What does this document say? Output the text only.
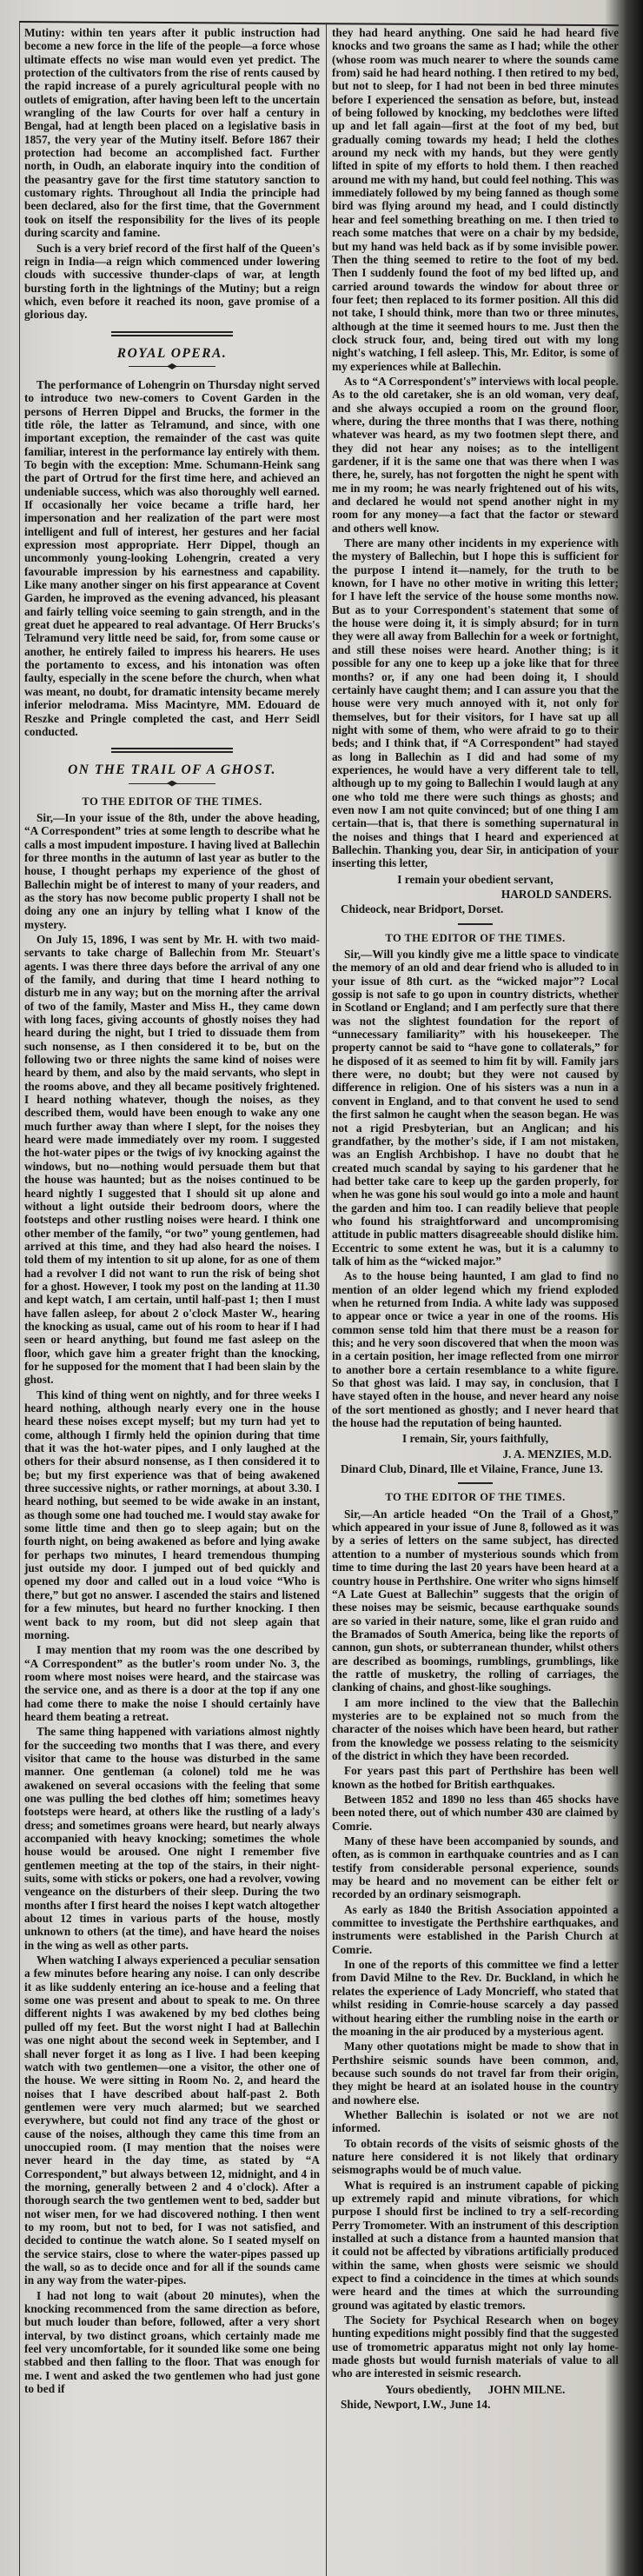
Mutiny: within ten years after it public instruction had become a new force in the life of the people—a force whose ultimate effects no wise man would even yet predict. The protection of the cultivators from the rise of rents caused by the rapid increase of a purely agricultural people with no outlets of emigration, after having been left to the uncertain wrangling of the law Courts for over half a century in Bengal, had at length been placed on a legislative basis in 1857, the very year of the Mutiny itself. Before 1867 their protection had become an accomplished fact. Further north, in Oudh, an elaborate inquiry into the condition of the peasantry gave for the first time statutory sanction to customary rights. Throughout all India the principle had been declared, also for the first time, that the Government took on itself the responsibility for the lives of its people during scarcity and famine.

Such is a very brief record of the first half of the Queen's reign in India—a reign which commenced under lowering clouds with successive thunder-claps of war, at length bursting forth in the lightnings of the Mutiny; but a reign which, even before it reached its noon, gave promise of a glorious day.

ROYAL OPERA.

The performance of Lohengrin on Thursday night served to introduce two new-comers to Covent Garden in the persons of Herren Dippel and Brucks, the former in the title rôle, the latter as Telramund, and since, with one important exception, the remainder of the cast was quite familiar, interest in the performance lay entirely with them. To begin with the exception: Mme. Schumann-Heink sang the part of Ortrud for the first time here, and achieved an undeniable success, which was also thoroughly well earned. If occasionally her voice became a trifle hard, her impersonation and her realization of the part were most intelligent and full of interest, her gestures and her facial expression most appropriate. Herr Dippel, though an uncommonly young-looking Lohengrin, created a very favourable impression by his earnestness and capability. Like many another singer on his first appearance at Covent Garden, he improved as the evening advanced, his pleasant and fairly telling voice seeming to gain strength, and in the great duet he appeared to real advantage. Of Herr Brucks's Telramund very little need be said, for, from some cause or another, he entirely failed to impress his hearers. He uses the portamento to excess, and his intonation was often faulty, especially in the scene before the church, when what was meant, no doubt, for dramatic intensity became merely inferior melodrama. Miss Macintyre, MM. Edouard de Reszke and Pringle completed the cast, and Herr Seidl conducted.

ON THE TRAIL OF A GHOST.
TO THE EDITOR OF THE TIMES.

Sir,—In your issue of the 8th, under the above heading, “A Correspondent” tries at some length to describe what he calls a most impudent imposture. I having lived at Ballechin for three months in the autumn of last year as butler to the house, I thought perhaps my experience of the ghost of Ballechin might be of interest to many of your readers, and as the story has now become public property I shall not be doing any one an injury by telling what I know of the mystery.

On July 15, 1896, I was sent by Mr. H. with two maid-servants to take charge of Ballechin from Mr. Steuart's agents. I was there three days before the arrival of any one of the family, and during that time I heard nothing to disturb me in any way; but on the morning after the arrival of two of the family, Master and Miss H., they came down with long faces, giving accounts of ghostly noises they had heard during the night, but I tried to dissuade them from such nonsense, as I then considered it to be, but on the following two or three nights the same kind of noises were heard by them, and also by the maid servants, who slept in the rooms above, and they all became positively frightened. I heard nothing whatever, though the noises, as they described them, would have been enough to wake any one much further away than where I slept, for the noises they heard were made immediately over my room. I suggested the hot-water pipes or the twigs of ivy knocking against the windows, but no—nothing would persuade them but that the house was haunted; but as the noises continued to be heard nightly I suggested that I should sit up alone and without a light outside their bedroom doors, where the footsteps and other rustling noises were heard. I think one other member of the family, “or two” young gentlemen, had arrived at this time, and they had also heard the noises. I told them of my intention to sit up alone, for as one of them had a revolver I did not want to run the risk of being shot for a ghost. However, I took my post on the landing at 11.30 and kept watch, I am certain, until half-past 1; then I must have fallen asleep, for about 2 o'clock Master W., hearing the knocking as usual, came out of his room to hear if I had seen or heard anything, but found me fast asleep on the floor, which gave him a greater fright than the knocking, for he supposed for the moment that I had been slain by the ghost.

This kind of thing went on nightly, and for three weeks I heard nothing, although nearly every one in the house heard these noises except myself; but my turn had yet to come, although I firmly held the opinion during that time that it was the hot-water pipes, and I only laughed at the others for their absurd nonsense, as I then considered it to be; but my first experience was that of being awakened three successive nights, or rather mornings, at about 3.30. I heard nothing, but seemed to be wide awake in an instant, as though some one had touched me. I would stay awake for some little time and then go to sleep again; but on the fourth night, on being awakened as before and lying awake for perhaps two minutes, I heard tremendous thumping just outside my door. I jumped out of bed quickly and opened my door and called out in a loud voice “Who is there,” but got no answer. I ascended the stairs and listened for a few minutes, but heard no further knocking. I then went back to my room, but did not sleep again that morning.

I may mention that my room was the one described by “A Correspondent” as the butler's room under No. 3, the room where most noises were heard, and the staircase was the service one, and as there is a door at the top if any one had come there to make the noise I should certainly have heard them beating a retreat.

The same thing happened with variations almost nightly for the succeeding two months that I was there, and every visitor that came to the house was disturbed in the same manner. One gentleman (a colonel) told me he was awakened on several occasions with the feeling that some one was pulling the bed clothes off him; sometimes heavy footsteps were heard, at others like the rustling of a lady's dress; and sometimes groans were heard, but nearly always accompanied with heavy knocking; sometimes the whole house would be aroused. One night I remember five gentlemen meeting at the top of the stairs, in their night-suits, some with sticks or pokers, one had a revolver, vowing vengeance on the disturbers of their sleep. During the two months after I first heard the noises I kept watch altogether about 12 times in various parts of the house, mostly unknown to others (at the time), and have heard the noises in the wing as well as other parts.

When watching I always experienced a peculiar sensation a few minutes before hearing any noise. I can only describe it as like suddenly entering an ice-house and a feeling that some one was present and about to speak to me. On three different nights I was awakened by my bed clothes being pulled off my feet. But the worst night I had at Ballechin was one night about the second week in September, and I shall never forget it as long as I live. I had been keeping watch with two gentlemen—one a visitor, the other one of the house. We were sitting in Room No. 2, and heard the noises that I have described about half-past 2. Both gentlemen were very much alarmed; but we searched everywhere, but could not find any trace of the ghost or cause of the noises, although they came this time from an unoccupied room. (I may mention that the noises were never heard in the day time, as stated by “A Correspondent,” but always between 12, midnight, and 4 in the morning, generally between 2 and 4 o'clock). After a thorough search the two gentlemen went to bed, sadder but not wiser men, for we had discovered nothing. I then went to my room, but not to bed, for I was not satisfied, and decided to continue the watch alone. So I seated myself on the service stairs, close to where the water-pipes passed up the wall, so as to decide once and for all if the sounds came in any way from the water-pipes.

I had not long to wait (about 20 minutes), when the knocking recommenced from the same direction as before, but much louder than before, followed, after a very short interval, by two distinct groans, which certainly made me feel very uncomfortable, for it sounded like some one being stabbed and then falling to the floor. That was enough for me. I went and asked the two gentlemen who had just gone to bed if

they had heard anything. One said he had heard five knocks and two groans the same as I had; while the other (whose room was much nearer to where the sounds came from) said he had heard nothing. I then retired to my bed, but not to sleep, for I had not been in bed three minutes before I experienced the sensation as before, but, instead of being followed by knocking, my bedclothes were lifted up and let fall again—first at the foot of my bed, but gradually coming towards my head; I held the clothes around my neck with my hands, but they were gently lifted in spite of my efforts to hold them. I then reached around me with my hand, but could feel nothing. This was immediately followed by my being fanned as though some bird was flying around my head, and I could distinctly hear and feel something breathing on me. I then tried to reach some matches that were on a chair by my bedside, but my hand was held back as if by some invisible power. Then the thing seemed to retire to the foot of my bed. Then I suddenly found the foot of my bed lifted up, and carried around towards the window for about three or four feet; then replaced to its former position. All this did not take, I should think, more than two or three minutes, although at the time it seemed hours to me. Just then the clock struck four, and, being tired out with my long night's watching, I fell asleep. This, Mr. Editor, is some of my experiences while at Ballechin.

As to “A Correspondent's” interviews with local people. As to the old caretaker, she is an old woman, very deaf, and she always occupied a room on the ground floor, where, during the three months that I was there, nothing whatever was heard, as my two footmen slept there, and they did not hear any noises; as to the intelligent gardener, if it is the same one that was there when I was there, he, surely, has not forgotten the night he spent with me in my room; he was nearly frightened out of his wits, and declared he would not spend another night in my room for any money—a fact that the factor or steward and others well know.

There are many other incidents in my experience with the mystery of Ballechin, but I hope this is sufficient for the purpose I intend it—namely, for the truth to be known, for I have no other motive in writing this letter; for I have left the service of the house some months now. But as to your Correspondent's statement that some of the house were doing it, it is simply absurd; for in turn they were all away from Ballechin for a week or fortnight, and still these noises were heard. Another thing; is it possible for any one to keep up a joke like that for three months? or, if any one had been doing it, I should certainly have caught them; and I can assure you that the house were very much annoyed with it, not only for themselves, but for their visitors, for I have sat up all night with some of them, who were afraid to go to their beds; and I think that, if “A Correspondent” had stayed as long in Ballechin as I did and had some of my experiences, he would have a very different tale to tell, although up to my going to Ballechin I would laugh at any one who told me there were such things as ghosts; and even now I am not quite convinced; but of one thing I am certain—that is, that there is something supernatural in the noises and things that I heard and experienced at Ballechin. Thanking you, dear Sir, in anticipation of your inserting this letter,

I remain your obedient servant,

HAROLD SANDERS.

Chideock, near Bridport, Dorset.

TO THE EDITOR OF THE TIMES.

Sir,—Will you kindly give me a little space to vindicate the memory of an old and dear friend who is alluded to in your issue of 8th curt. as the “wicked major”? Local gossip is not safe to go upon in country districts, whether in Scotland or England; and I am perfectly sure that there was not the slightest foundation for the report of “unnecessary familiarity” with his housekeeper. The property cannot be said to “have gone to collaterals,” for he disposed of it as seemed to him fit by will. Family jars there were, no doubt; but they were not caused by difference in religion. One of his sisters was a nun in a convent in England, and to that convent he used to send the first salmon he caught when the season began. He was not a rigid Presbyterian, but an Anglican; and his grandfather, by the mother's side, if I am not mistaken, was an English Archbishop. I have no doubt that he created much scandal by saying to his gardener that he had better take care to keep up the garden properly, for when he was gone his soul would go into a mole and haunt the garden and him too. I can readily believe that people who found his straightforward and uncompromising attitude in public matters disagreeable should dislike him. Eccentric to some extent he was, but it is a calumny to talk of him as the “wicked major.”

As to the house being haunted, I am glad to find no mention of an older legend which my friend exploded when he returned from India. A white lady was supposed to appear once or twice a year in one of the rooms. His common sense told him that there must be a reason for this; and he very soon discovered that when the moon was in a certain position, her image reflected from one mirror to another bore a certain resemblance to a white figure. So that ghost was laid. I may say, in conclusion, that I have stayed often in the house, and never heard any noise of the sort mentioned as ghostly; and I never heard that the house had the reputation of being haunted.

I remain, Sir, yours faithfully,

J. A. MENZIES, M.D.

Dinard Club, Dinard, Ille et Vilaine, France, June 13.

TO THE EDITOR OF THE TIMES.

Sir,—An article headed “On the Trail of a Ghost,” which appeared in your issue of June 8, followed as it was by a series of letters on the same subject, has directed attention to a number of mysterious sounds which from time to time during the last 20 years have been heard at a country house in Perthshire. One writer who signs himself “A Late Guest at Ballechin” suggests that the origin of these noises may be seismic, because earthquake sounds are so varied in their nature, some, like el gran ruido and the Bramados of South America, being like the reports of cannon, gun shots, or subterranean thunder, whilst others are described as boomings, rumblings, grumblings, like the rattle of musketry, the rolling of carriages, the clanking of chains, and ghost-like soughings.

I am more inclined to the view that the Ballechin mysteries are to be explained not so much from the character of the noises which have been heard, but rather from the knowledge we possess relating to the seismicity of the district in which they have been recorded.

For years past this part of Perthshire has been well known as the hotbed for British earthquakes.

Between 1852 and 1890 no less than 465 shocks have been noted there, out of which number 430 are claimed by Comrie.

Many of these have been accompanied by sounds, and often, as is common in earthquake countries and as I can testify from considerable personal experience, sounds may be heard and no movement can be either felt or recorded by an ordinary seismograph.

As early as 1840 the British Association appointed a committee to investigate the Perthshire earthquakes, and instruments were established in the Parish Church at Comrie.

In one of the reports of this committee we find a letter from David Milne to the Rev. Dr. Buckland, in which he relates the experience of Lady Moncrieff, who stated that whilst residing in Comrie-house scarcely a day passed without hearing either the rumbling noise in the earth or the moaning in the air produced by a mysterious agent.

Many other quotations might be made to show that in Perthshire seismic sounds have been common, and, because such sounds do not travel far from their origin, they might be heard at an isolated house in the country and nowhere else.

Whether Ballechin is isolated or not we are not informed.

To obtain records of the visits of seismic ghosts of the nature here considered it is not likely that ordinary seismographs would be of much value.

What is required is an instrument capable of picking up extremely rapid and minute vibrations, for which purpose I should first be inclined to try a self-recording Perry Tromometer. With an instrument of this description installed at such a distance from a haunted mansion that it could not be affected by vibrations artificially produced within the same, when ghosts were seismic we should expect to find a coincidence in the times at which sounds were heard and the times at which the surrounding ground was agitated by elastic tremors.

The Society for Psychical Research when on bogey hunting expeditions might possibly find that the suggested use of tromometric apparatus might not only lay home-made ghosts but would furnish materials of value to all who are interested in seismic research.

Yours obediently, JOHN MILNE.

Shide, Newport, I.W., June 14.
